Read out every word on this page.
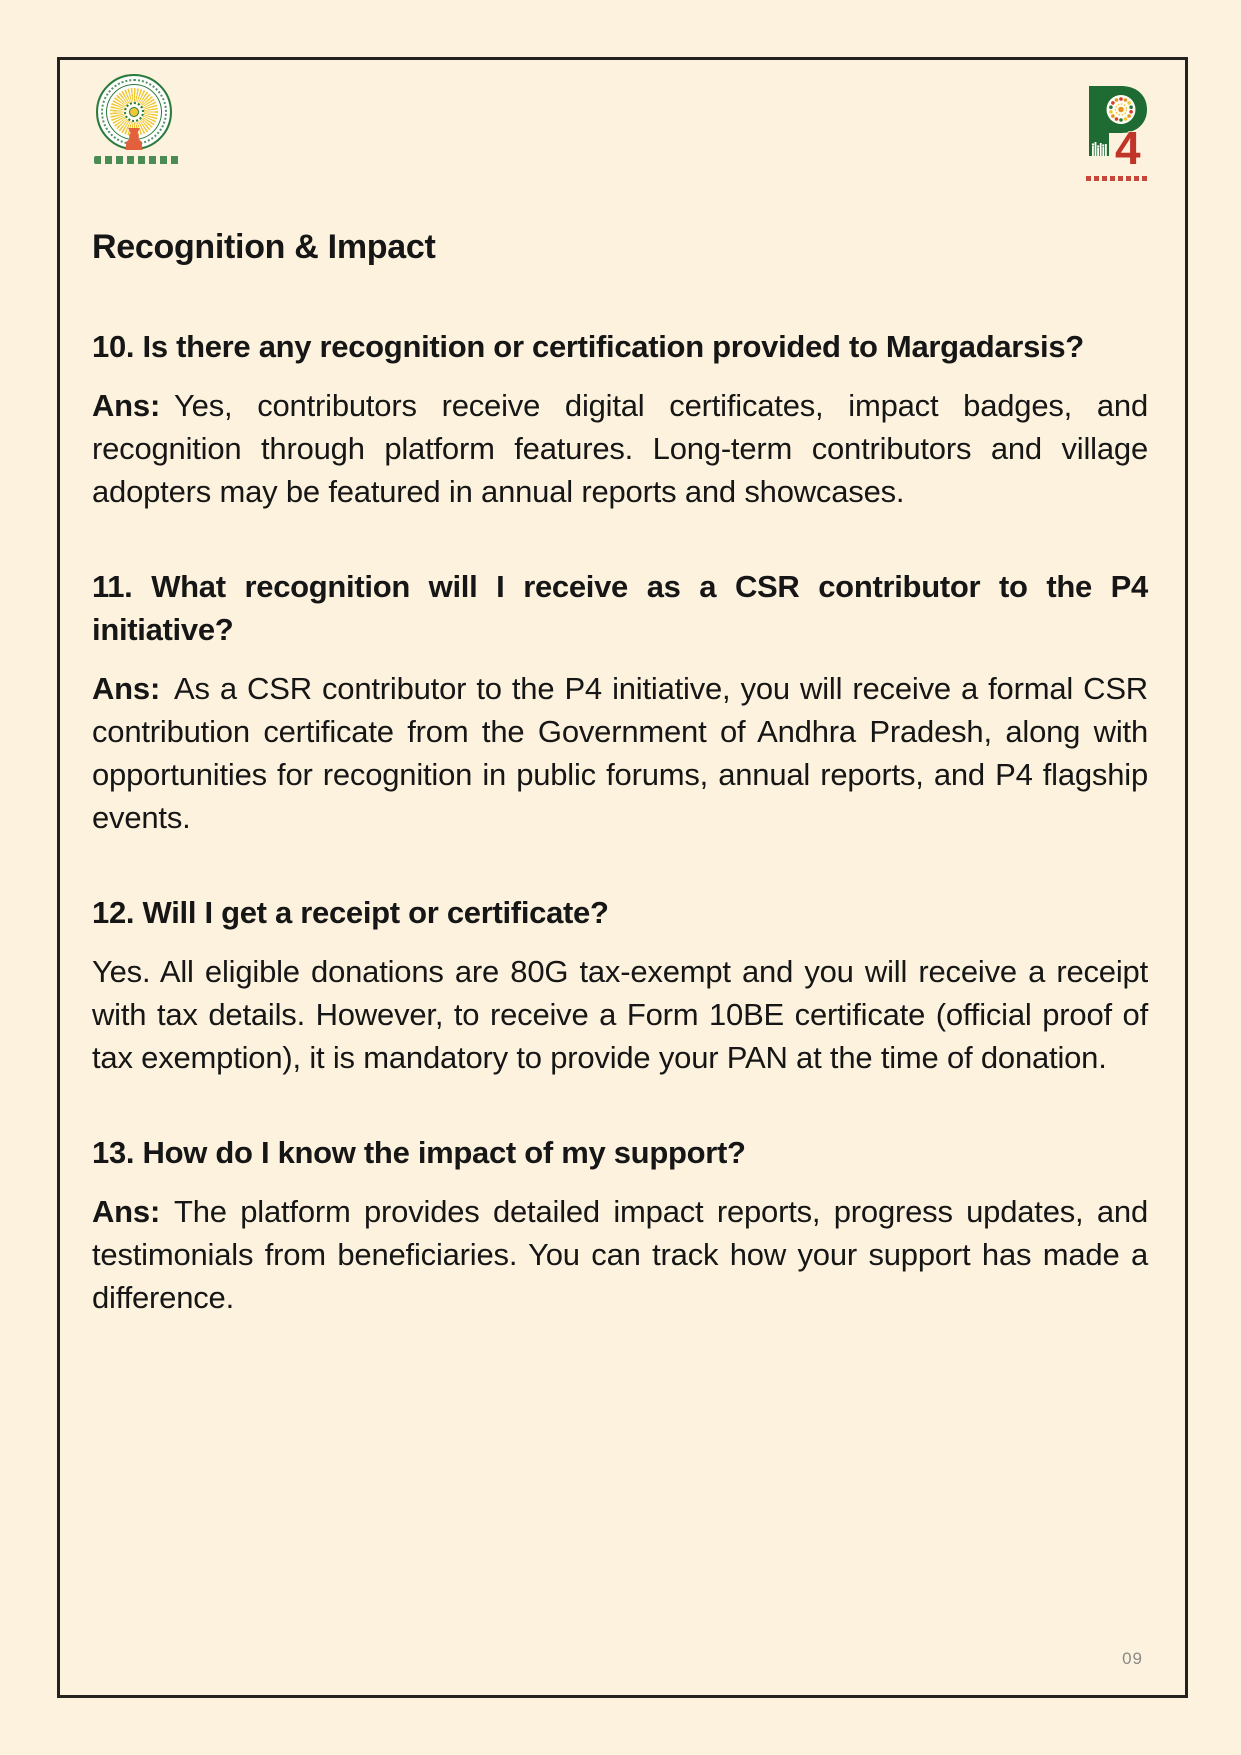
4
Recognition & Impact

10. Is there any recognition or certification provided to Margadarsis?

Ans: Yes, contributors receive digital certificates, impact badges, and recognition through platform features. Long-term contributors and village adopters may be featured in annual reports and showcases.

11. What recognition will I receive as a CSR contributor to the P4 initiative?

Ans: As a CSR contributor to the P4 initiative, you will receive a formal CSR contribution certificate from the Government of Andhra Pradesh, along with opportunities for recognition in public forums, annual reports, and P4 flagship events.

12. Will I get a receipt or certificate?

Yes. All eligible donations are 80G tax-exempt and you will receive a receipt with tax details. However, to receive a Form 10BE certificate (official proof of tax exemption), it is mandatory to provide your PAN at the time of donation.

13. How do I know the impact of my support?

Ans: The platform provides detailed impact reports, progress updates, and testimonials from beneficiaries. You can track how your support has made a difference.

09
